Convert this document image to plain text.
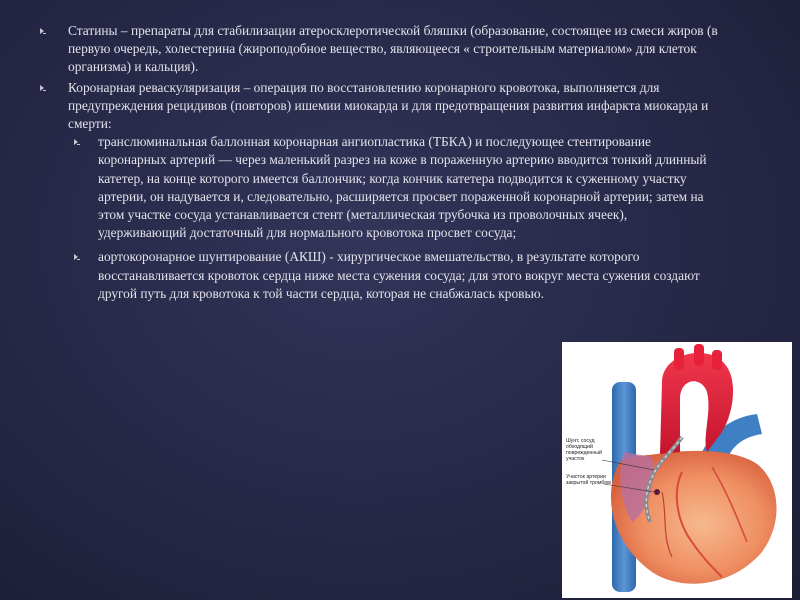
Статины – препараты для стабилизации атеросклеротической бляшки (образование, состоящее из смеси жиров (в первую очередь, холестерина (жироподобное вещество, являющееся « строительным материалом» для клеток организма) и кальция).

Коронарная реваскуляризация – операция по восстановлению коронарного кровотока, выполняется для предупреждения рецидивов (повторов) ишемии миокарда и для предотвращения развития инфаркта миокарда и смерти:

транслюминальная баллонная коронарная ангиопластика (ТБКА) и последующее стентирование коронарных артерий — через маленький разрез на коже в пораженную артерию вводится тонкий длинный катетер, на конце которого имеется баллончик; когда кончик катетера подводится к суженному участку артерии, он надувается и, следовательно, расширяется просвет пораженной коронарной артерии; затем на этом участке сосуда устанавливается стент (металлическая трубочка из проволочных ячеек), удерживающий достаточный для нормального кровотока просвет сосуда;

аортокоронарное шунтирование (АКШ) - хирургическое вмешательство, в результате которого восстанавливается кровоток сердца ниже места сужения сосуда; для этого вокруг места сужения создают другой путь для кровотока к той части сердца, которая не снабжалась кровью.

Шунт, сосуд
обходящий
поврежденный
участок
Участок артерии
закрытой тромбом
